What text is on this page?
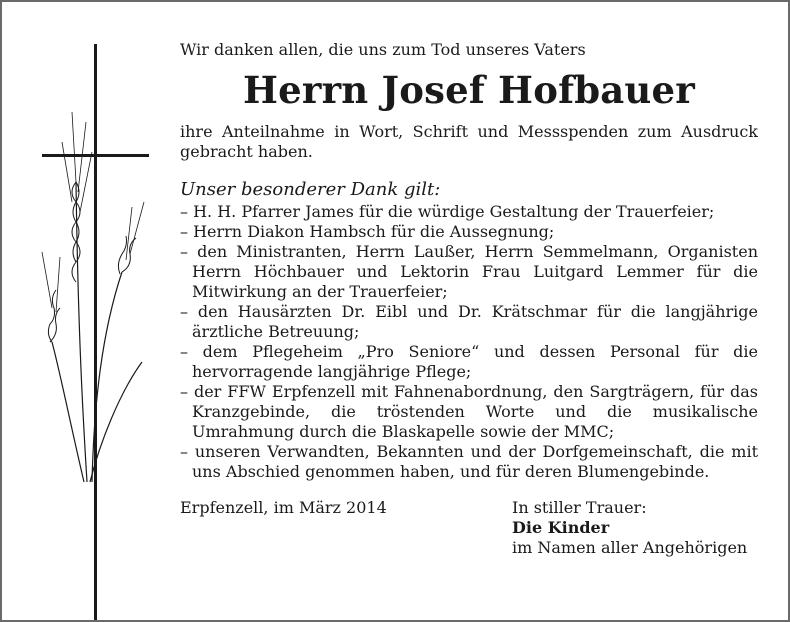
Wir danken allen, die uns zum Tod unseres Vaters

Herrn Josef Hofbauer

ihre Anteilnahme in Wort, Schrift und Messspenden zum Ausdruck gebracht haben.

Unser besonderer Dank gilt:

– H. H. Pfarrer James für die würdige Gestaltung der Trauerfeier;
– Herrn Diakon Hambsch für die Aussegnung;
– den Ministranten, Herrn Laußer, Herrn Semmelmann, Organisten Herrn Höchbauer und Lektorin Frau Luitgard Lemmer für die Mitwirkung an der Trauerfeier;
– den Hausärzten Dr. Eibl und Dr. Krätschmar für die langjährige ärztliche Betreuung;
– dem Pflegeheim „Pro Seniore“ und dessen Personal für die hervorragende langjährige Pflege;
– der FFW Erpfenzell mit Fahnenabordnung, den Sargträgern, für das Kranzgebinde, die tröstenden Worte und die musikalische Umrahmung durch die Blaskapelle sowie der MMC;
– unseren Verwandten, Bekannten und der Dorfgemeinschaft, die mit uns Abschied genommen haben, und für deren Blumengebinde.
Erpfenzell, im März 2014	In stiller Trauer:
Die Kinder
im Namen aller Angehörigen
